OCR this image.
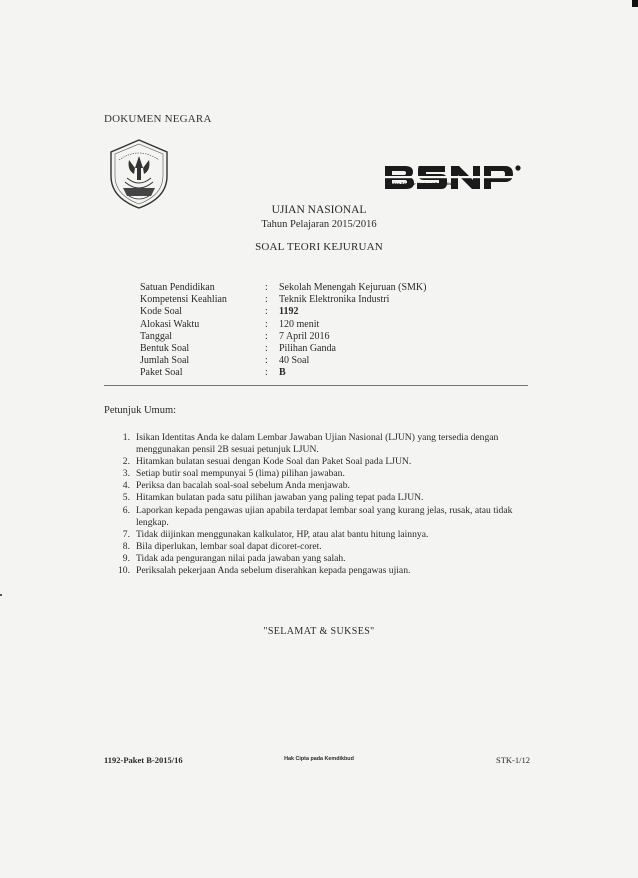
DOKUMEN NEGARA
Badan Standar Nasional Pendidikan
UJIAN NASIONAL
Tahun Pelajaran 2015/2016
SOAL TEORI KEJURUAN
Satuan Pendidikan	:	Sekolah Menengah Kejuruan (SMK)
Kompetensi Keahlian	:	Teknik Elektronika Industri
Kode Soal	:	1192
Alokasi Waktu	:	120 menit
Tanggal	:	7 April 2016
Bentuk Soal	:	Pilihan Ganda
Jumlah Soal	:	40 Soal
Paket Soal	:	B
Petunjuk Umum:
1. Isikan Identitas Anda ke dalam Lembar Jawaban Ujian Nasional (LJUN) yang tersedia dengan menggunakan pensil 2B sesuai petunjuk LJUN.
2. Hitamkan bulatan sesuai dengan Kode Soal dan Paket Soal pada LJUN.
3. Setiap butir soal mempunyai 5 (lima) pilihan jawaban.
4. Periksa dan bacalah soal-soal sebelum Anda menjawab.
5. Hitamkan bulatan pada satu pilihan jawaban yang paling tepat pada LJUN.
6. Laporkan kepada pengawas ujian apabila terdapat lembar soal yang kurang jelas, rusak, atau tidak lengkap.
7. Tidak diijinkan menggunakan kalkulator, HP, atau alat bantu hitung lainnya.
8. Bila diperlukan, lembar soal dapat dicoret-coret.
9. Tidak ada pengurangan nilai pada jawaban yang salah.
10. Periksalah pekerjaan Anda sebelum diserahkan kepada pengawas ujian.
"SELAMAT & SUKSES"
1192-Paket B-2015/16	Hak Cipta pada Kemdikbud	STK-1/12
